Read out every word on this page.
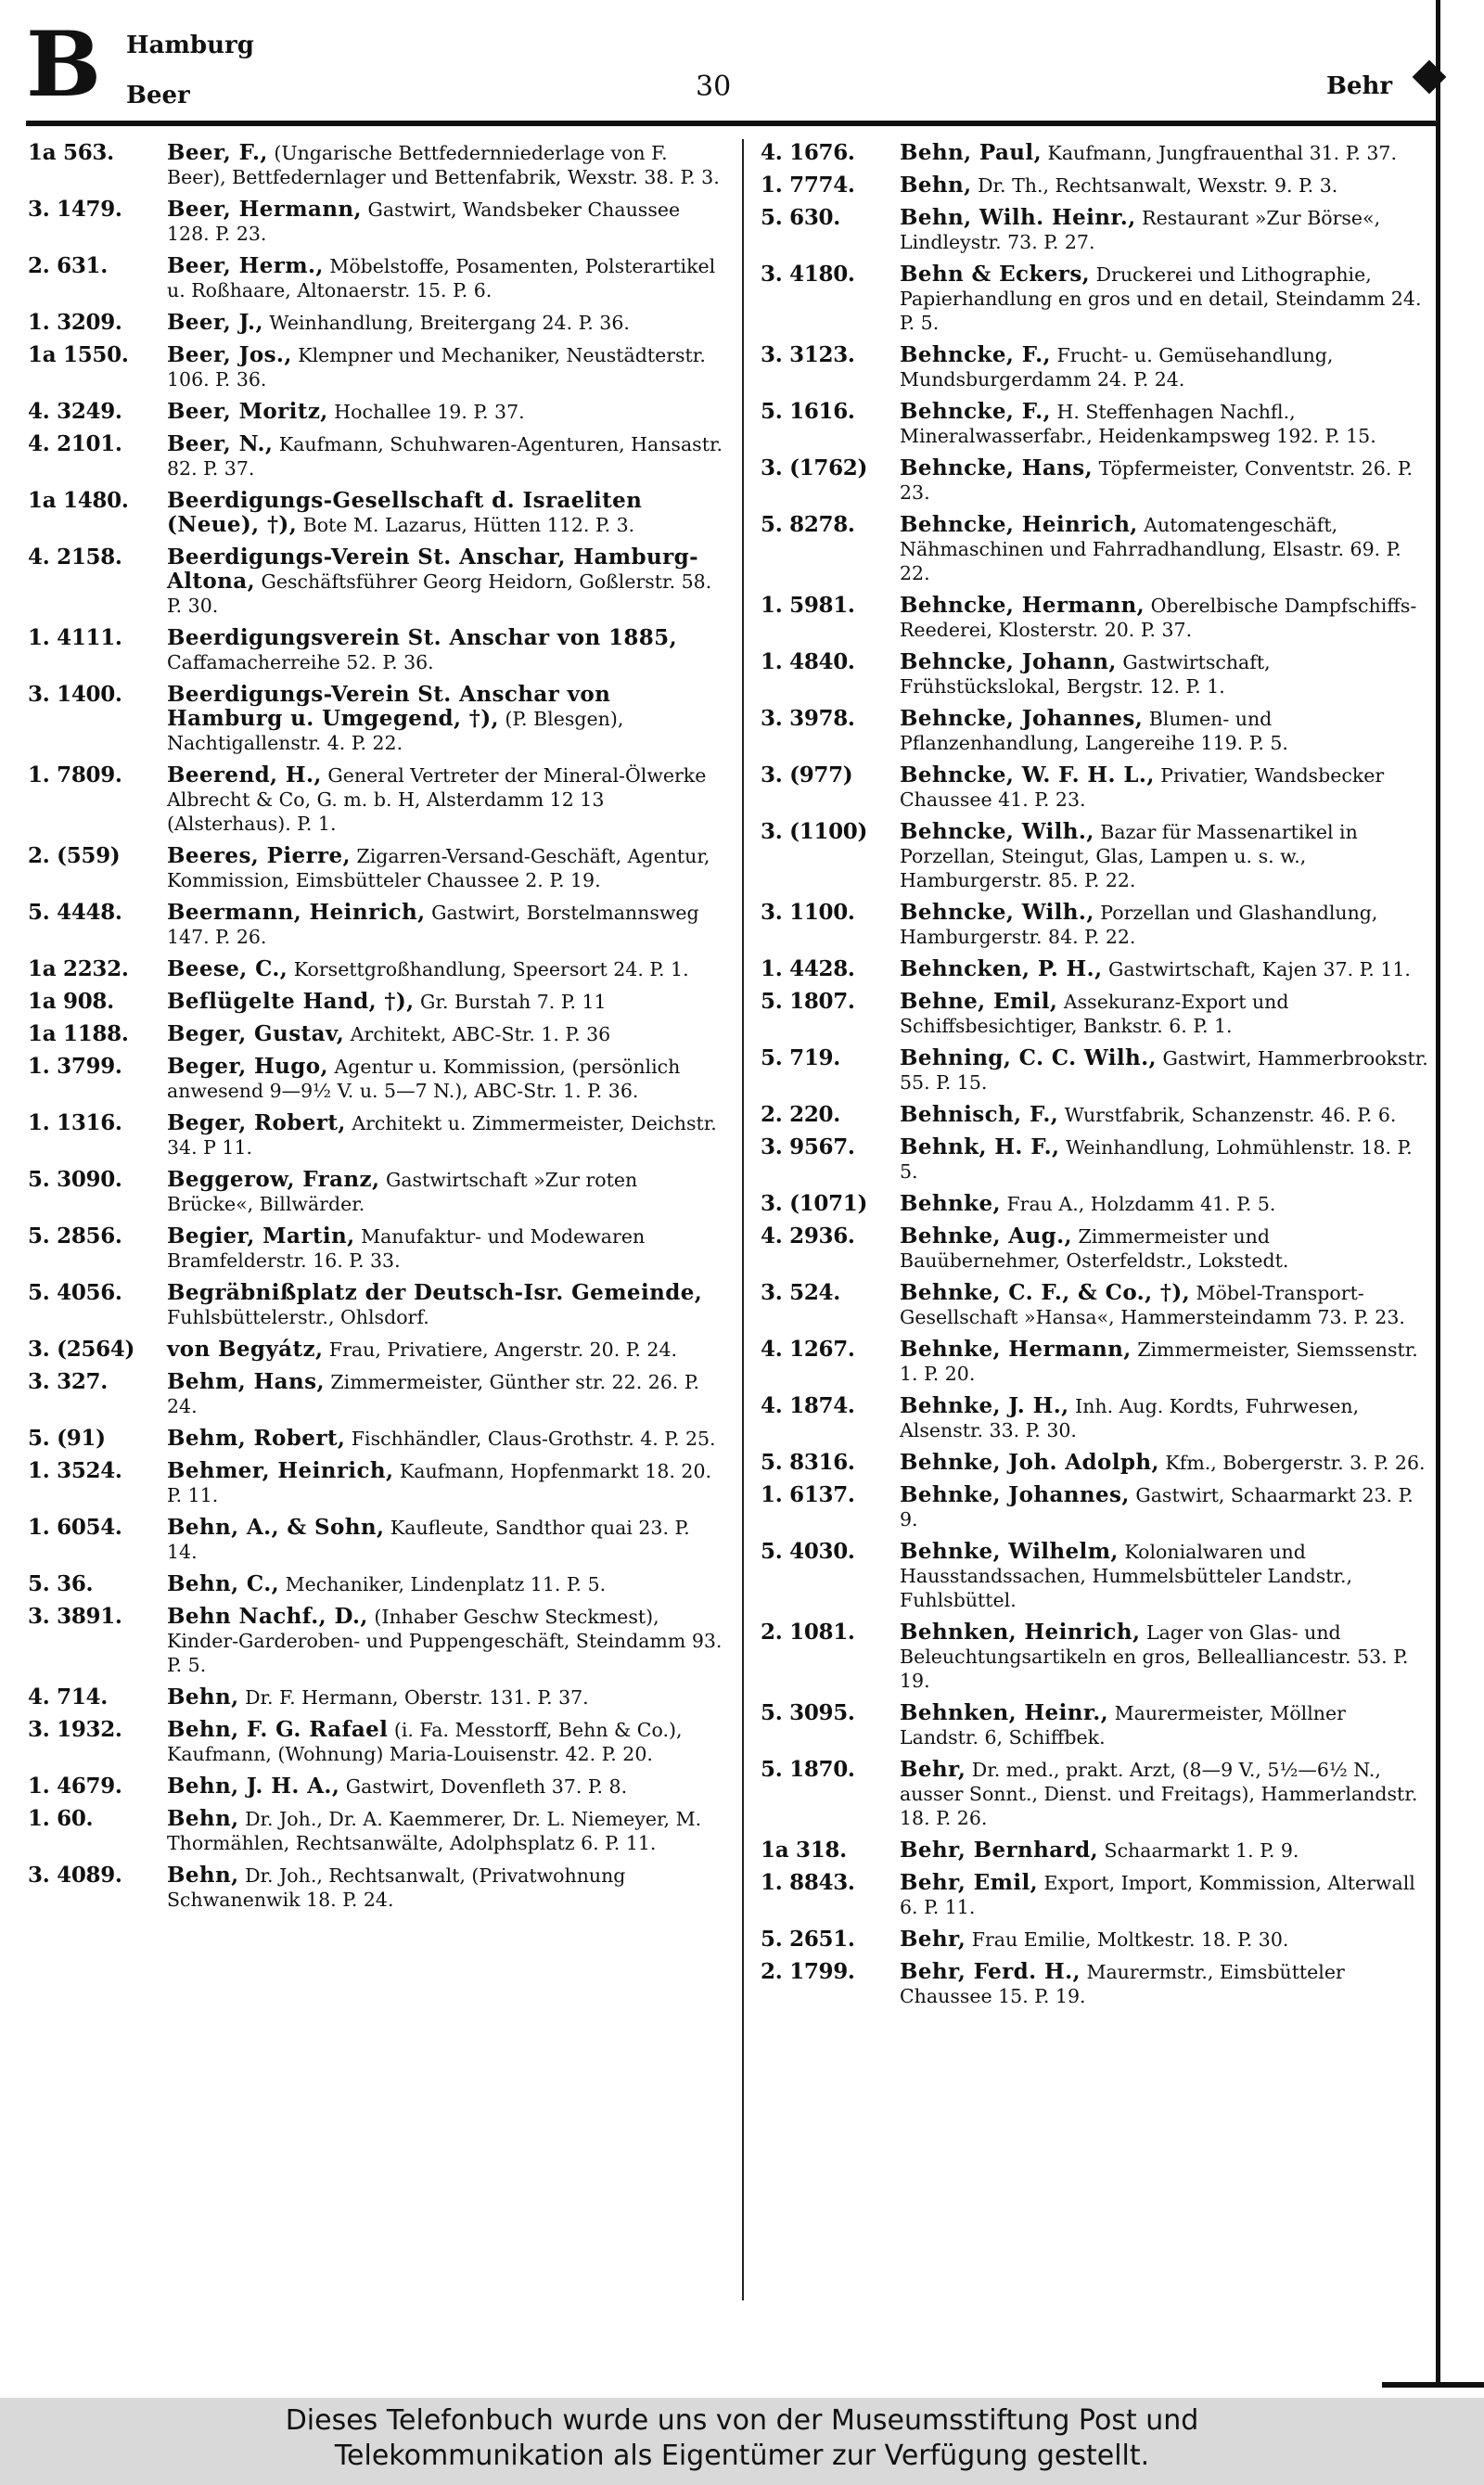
B Hamburg
Beer	30	Behr
1a 563.	Beer, F., (Ungarische Bettfedernniederlage von F. Beer), Bettfedernlager und Bettenfabrik, Wexstr. 38. P. 3.
3. 1479.	Beer, Hermann, Gastwirt, Wandsbeker Chaussee 128. P. 23.
2. 631.	Beer, Herm., Möbelstoffe, Posamenten, Polsterartikel u. Roßhaare, Altonaerstr. 15. P. 6.
1. 3209.	Beer, J., Weinhandlung, Breitergang 24. P. 36.
1a 1550.	Beer, Jos., Klempner und Mechaniker, Neustädterstr. 106. P. 36.
4. 3249.	Beer, Moritz, Hochallee 19. P. 37.
4. 2101.	Beer, N., Kaufmann, Schuhwaren-Agenturen, Hansastr. 82. P. 37.
1a 1480.	Beerdigungs-Gesellschaft d. Israeliten (Neue), †), Bote M. Lazarus, Hütten 112. P. 3.
4. 2158.	Beerdigungs-Verein St. Anschar, Hamburg-Altona, Geschäftsführer Georg Heidorn, Goßlerstr. 58. P. 30.
1. 4111.	Beerdigungsverein St. Anschar von 1885, Caffamacherreihe 52. P. 36.
3. 1400.	Beerdigungs-Verein St. Anschar von Hamburg u. Umgegend, †), (P. Blesgen), Nachtigallenstr. 4. P. 22.
1. 7809.	Beerend, H., General Vertreter der Mineral-Ölwerke Albrecht & Co, G. m. b. H, Alsterdamm 12 13 (Alsterhaus). P. 1.
2. (559)	Beeres, Pierre, Zigarren-Versand-Geschäft, Agentur, Kommission, Eimsbütteler Chaussee 2. P. 19.
5. 4448.	Beermann, Heinrich, Gastwirt, Borstelmannsweg 147. P. 26.
1a 2232.	Beese, C., Korsettgroßhandlung, Speersort 24. P. 1.
1a 908.	Beflügelte Hand, †), Gr. Burstah 7. P. 11
1a 1188.	Beger, Gustav, Architekt, ABC-Str. 1. P. 36
1. 3799.	Beger, Hugo, Agentur u. Kommission, (persönlich anwesend 9—9½ V. u. 5—7 N.), ABC-Str. 1. P. 36.
1. 1316.	Beger, Robert, Architekt u. Zimmermeister, Deichstr. 34. P 11.
5. 3090.	Beggerow, Franz, Gastwirtschaft »Zur roten Brücke«, Billwärder.
5. 2856.	Begier, Martin, Manufaktur- und Modewaren Bramfelderstr. 16. P. 33.
5. 4056.	Begräbnißplatz der Deutsch-Isr. Gemeinde, Fuhlsbüttelerstr., Ohlsdorf.
3. (2564)	von Begyátz, Frau, Privatiere, Angerstr. 20. P. 24.
3. 327.	Behm, Hans, Zimmermeister, Günther str. 22. 26. P. 24.
5. (91)	Behm, Robert, Fischhändler, Claus-Grothstr. 4. P. 25.
1. 3524.	Behmer, Heinrich, Kaufmann, Hopfenmarkt 18. 20. P. 11.
1. 6054.	Behn, A., & Sohn, Kaufleute, Sandthor quai 23. P. 14.
5. 36.	Behn, C., Mechaniker, Lindenplatz 11. P. 5.
3. 3891.	Behn Nachf., D., (Inhaber Geschw Steckmest), Kinder-Garderoben- und Puppengeschäft, Steindamm 93. P. 5.
4. 714.	Behn, Dr. F. Hermann, Oberstr. 131. P. 37.
3. 1932.	Behn, F. G. Rafael (i. Fa. Messtorff, Behn & Co.), Kaufmann, (Wohnung) Maria-Louisenstr. 42. P. 20.
1. 4679.	Behn, J. H. A., Gastwirt, Dovenfleth 37. P. 8.
1. 60.	Behn, Dr. Joh., Dr. A. Kaemmerer, Dr. L. Niemeyer, M. Thormählen, Rechtsanwälte, Adolphsplatz 6. P. 11.
3. 4089.	Behn, Dr. Joh., Rechtsanwalt, (Privatwohnung Schwanenwik 18. P. 24.
4. 1676.	Behn, Paul, Kaufmann, Jungfrauenthal 31. P. 37.
1. 7774.	Behn, Dr. Th., Rechtsanwalt, Wexstr. 9. P. 3.
5. 630.	Behn, Wilh. Heinr., Restaurant »Zur Börse«, Lindleystr. 73. P. 27.
3. 4180.	Behn & Eckers, Druckerei und Lithographie, Papierhandlung en gros und en detail, Steindamm 24. P. 5.
3. 3123.	Behncke, F., Frucht- u. Gemüsehandlung, Mundsburgerdamm 24. P. 24.
5. 1616.	Behncke, F., H. Steffenhagen Nachfl., Mineralwasserfabr., Heidenkampsweg 192. P. 15.
3. (1762)	Behncke, Hans, Töpfermeister, Conventstr. 26. P. 23.
5. 8278.	Behncke, Heinrich, Automatengeschäft, Nähmaschinen und Fahrradhandlung, Elsastr. 69. P. 22.
1. 5981.	Behncke, Hermann, Oberelbische Dampfschiffs-Reederei, Klosterstr. 20. P. 37.
1. 4840.	Behncke, Johann, Gastwirtschaft, Frühstückslokal, Bergstr. 12. P. 1.
3. 3978.	Behncke, Johannes, Blumen- und Pflanzenhandlung, Langereihe 119. P. 5.
3. (977)	Behncke, W. F. H. L., Privatier, Wandsbecker Chaussee 41. P. 23.
3. (1100)	Behncke, Wilh., Bazar für Massenartikel in Porzellan, Steingut, Glas, Lampen u. s. w., Hamburgerstr. 85. P. 22.
3. 1100.	Behncke, Wilh., Porzellan und Glashandlung, Hamburgerstr. 84. P. 22.
1. 4428.	Behncken, P. H., Gastwirtschaft, Kajen 37. P. 11.
5. 1807.	Behne, Emil, Assekuranz-Export und Schiffsbesichtiger, Bankstr. 6. P. 1.
5. 719.	Behning, C. C. Wilh., Gastwirt, Hammerbrookstr. 55. P. 15.
2. 220.	Behnisch, F., Wurstfabrik, Schanzenstr. 46. P. 6.
3. 9567.	Behnk, H. F., Weinhandlung, Lohmühlenstr. 18. P. 5.
3. (1071)	Behnke, Frau A., Holzdamm 41. P. 5.
4. 2936.	Behnke, Aug., Zimmermeister und Bauübernehmer, Osterfeldstr., Lokstedt.
3. 524.	Behnke, C. F., & Co., †), Möbel-Transport-Gesellschaft »Hansa«, Hammersteindamm 73. P. 23.
4. 1267.	Behnke, Hermann, Zimmermeister, Siemssenstr. 1. P. 20.
4. 1874.	Behnke, J. H., Inh. Aug. Kordts, Fuhrwesen, Alsenstr. 33. P. 30.
5. 8316.	Behnke, Joh. Adolph, Kfm., Bobergerstr. 3. P. 26.
1. 6137.	Behnke, Johannes, Gastwirt, Schaarmarkt 23. P. 9.
5. 4030.	Behnke, Wilhelm, Kolonialwaren und Hausstandssachen, Hummelsbütteler Landstr., Fuhlsbüttel.
2. 1081.	Behnken, Heinrich, Lager von Glas- und Beleuchtungsartikeln en gros, Bellealliancestr. 53. P. 19.
5. 3095.	Behnken, Heinr., Maurermeister, Möllner Landstr. 6, Schiffbek.
5. 1870.	Behr, Dr. med., prakt. Arzt, (8—9 V., 5½—6½ N., ausser Sonnt., Dienst. und Freitags), Hammerlandstr. 18. P. 26.
1a 318.	Behr, Bernhard, Schaarmarkt 1. P. 9.
1. 8843.	Behr, Emil, Export, Import, Kommission, Alterwall 6. P. 11.
5. 2651.	Behr, Frau Emilie, Moltkestr. 18. P. 30.
2. 1799.	Behr, Ferd. H., Maurermstr., Eimsbütteler Chaussee 15. P. 19.
Dieses Telefonbuch wurde uns von der Museumsstiftung Post und
Telekommunikation als Eigentümer zur Verfügung gestellt.
